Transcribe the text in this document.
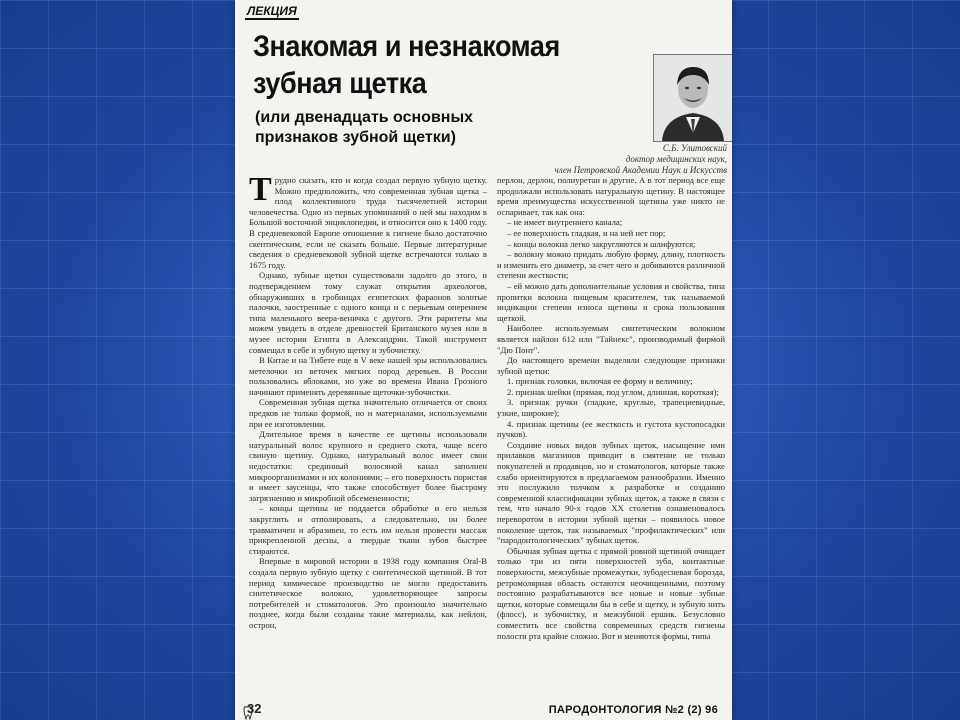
ЛЕКЦИЯ
Знакомая и незнакомая
зубная щетка
(или двенадцать основных
признаков зубной щетки)
С.Б. Улитовский
доктор медицинских наук,
член Петровской Академии Наук и Искусств

Трудно сказать, кто и когда создал первую зубную щетку. Можно предположить, что современная зубная щетка – плод коллективного труда тысячелетней истории человечества. Одно из первых упоминаний о ней мы находим в Большой восточной энциклопедии, и относится оно к 1400 году. В средневековой Европе отношение к гигиене было достаточно скептическим, если не сказать больше. Первые литературные сведения о средневековой зубной щетке встречаются только в 1675 году.

Однако, зубные щетки существовали задолго до этого, и подтверждением тому служат открытия археологов, обнаруживших в гробницах египетских фараонов золотые палочки, заостренные с одного конца и с перьевым оперением типа маленького веера-веничка с другого. Эти раритеты мы можем увидеть в отделе древностей Британского музея или в музее истории Египта в Александрии. Такой инструмент совмещал в себе и зубную щетку и зубочистку.

В Китае и на Тибете еще в V веке нашей эры использовались метелочки из веточек мягких пород деревьев. В России пользовались яблоками, но уже во времена Ивана Грозного начинают применять деревянные щеточки-зубочистки.

Современная зубная щетка значительно отличается от своих предков не только формой, но и материалами, используемыми при ее изготовлении.

Длительное время в качестве ее щетины использовали натуральный волос крупного и среднего скота, чаще всего свиную щетину. Однако, натуральный волос имеет свои недостатки: срединный волосяной канал заполнен микроорганизмами и их колониями; – его поверхность пористая и имеет заусенцы, что также способствует более быстрому загрязнению и микробной обсемененности;

– концы щетины не поддается обработке и его нельзя закруглить и отполировать, а следовательно, он более травматичен и абразивен, то есть им нельзя провести массаж прикрепленной десны, а твердые ткани зубов быстрее стираются.

Впервые в мировой истории в 1938 году компания Oral-B создала первую зубную щетку с синтетической щетиной. В тот период химическое производство не могло предоставить синтетическое волокно, удовлетворяющее запросы потребителей и стоматологов. Это произошло значительно позднее, когда были созданы такие материалы, как нейлон, острон,

перлон, дерлон, полиуретан и другие. А в тот период все еще продолжали использовать натуральную щетину. В настоящее время преимущества искусственной щетины уже никто не оспаривает, так как она:

– не имеет внутреннего канала;

– ее поверхность гладкая, и на ней нет пор;

– концы волокна легко закругляются и шлифуются;

– волокну можно придать любую форму, длину, плотность и изменить его диаметр, за счет чего и добиваются различной степени жесткости;

– ей можно дать дополнительные условия и свойства, типа пропитки волокна пищевым красителем, так называемой индикации степени износа щетины и срока пользования щеткой.

Наиболее используемым синтетическим волокном является найлон 612 или "Тайнекс", производимый фирмой "Дю Понт".

До настоящего времени выделяли следующие признаки зубной щетки:

1. признак головки, включая ее форму и величину;

2. признак шейки (прямая, под углом, длинная, короткая);

3. признак ручки (гладкие, круглые, трапециевидные, узкие, широкие);

4. признак щетины (ее жесткость и густота кустопосадки пучков).

Создание новых видов зубных щеток, насыщение ими прилавков магазинов приводит в смятение не только покупателей и продавцов, но и стоматологов, которые также слабо ориентируются в предлагаемом разнообразии. Именно это послужило толчком к разработке и созданию современной классификации зубных щеток, а также в связи с тем, что начало 90-х годов XX столетия ознаменовалось переворотом в истории зубной щетки – появилось новое поколение щеток, так называемых "профилактических" или "пародонтологических" зубных щеток.

Обычная зубная щетка с прямой ровной щетиной очищает только три из пяти поверхностей зуба, контактные поверхности, межзубные промежутки, зубодесневая борозда, ретромолярная область остаются неочищенными, поэтому постоянно разрабатываются все новые и новые зубные щетки, которые совмещали бы в себе и щетку, и зубную нить (флосс), и зубочистку, и межзубной ершик. Безусловно совместить все свойства современных средств гигиены полости рта крайне сложно. Вот и меняются формы, типы

32	ПАРОДОНТОЛОГИЯ №2 (2) 96
